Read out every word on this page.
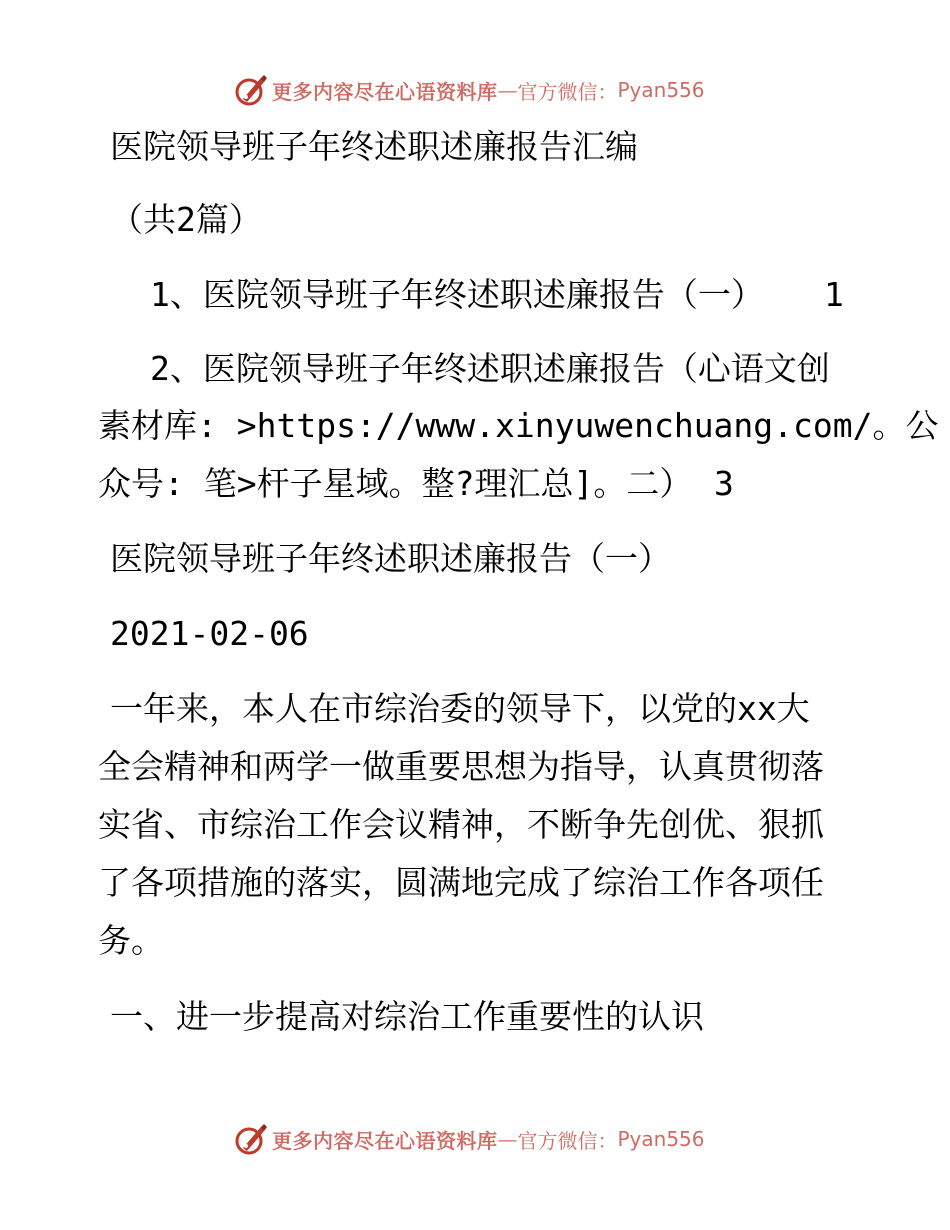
更多内容尽在心语资料库 — 官方微信： Pyan556
医院领导班子年终述职述廉报告汇编
（共2篇）
1、医院领导班子年终述职述廉报告（一） 1
2、医院领导班子年终述职述廉报告（心语文创
素材库: >https://www.xinyuwenchuang.com/。公
众号: 笔>杆子星域。整?理汇总]。二） 3
医院领导班子年终述职述廉报告（一）
2021-02-06
一年来，本人在市综治委的领导下，以党的xx大
全会精神和两学一做重要思想为指导，认真贯彻落
实省、市综治工作会议精神，不断争先创优、狠抓
了各项措施的落实，圆满地完成了综治工作各项任
务。
一、进一步提高对综治工作重要性的认识
更多内容尽在心语资料库 — 官方微信： Pyan556
